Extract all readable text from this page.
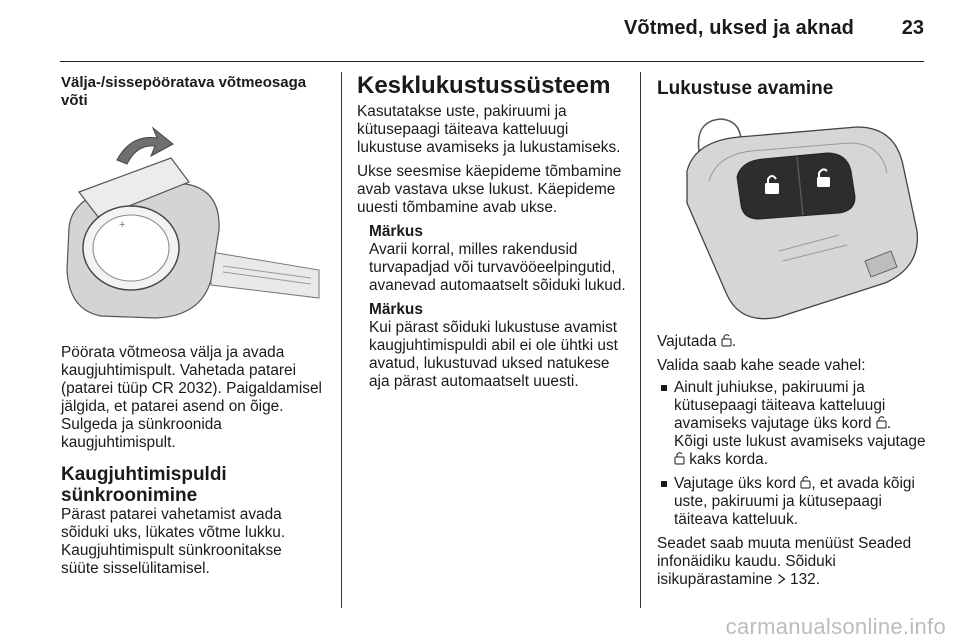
Võtmed, uksed ja aknad 23
Välja-/sissepööratava võtmeosaga võti
+

Pöörata võtmeosa välja ja avada kaugjuhtimispult. Vahetada patarei (patarei tüüp CR 2032). Paigaldamisel jälgida, et patarei asend on õige. Sulgeda ja sünkroonida kaugjuhtimispult.

Kaugjuhtimispuldi sünkroonimine

Pärast patarei vahetamist avada sõiduki uks, lükates võtme lukku. Kaugjuhtimispult sünkroonitakse süüte sisselülitamisel.

Kesklukustussüsteem

Kasutatakse uste, pakiruumi ja kütusepaagi täiteava katteluugi lukustuse avamiseks ja lukustamiseks.

Ukse seesmise käepideme tõmbamine avab vastava ukse lukust. Käepideme uuesti tõmbamine avab ukse.

Märkus

Avarii korral, milles rakendusid turvapadjad või turvavööeelpingutid, avanevad automaatselt sõiduki lukud.

Märkus

Kui pärast sõiduki lukustuse avamist kaugjuhtimispuldi abil ei ole ühtki ust avatud, lukustuvad uksed natukese aja pärast automaatselt uuesti.

Lukustuse avamine

Vajutada .

Valida saab kahe seade vahel:

Ainult juhiukse, pakiruumi ja kütusepaagi täiteava katteluugi avamiseks vajutage üks kord . Kõigi uste lukust avamiseks vajutage  kaks korda.
Vajutage üks kord , et avada kõigi uste, pakiruumi ja kütusepaagi täiteava katteluuk.

Seadet saab muuta menüüst Seaded infonäidiku kaudu. Sõiduki isikupärastamine 132.

carmanualsonline.info
